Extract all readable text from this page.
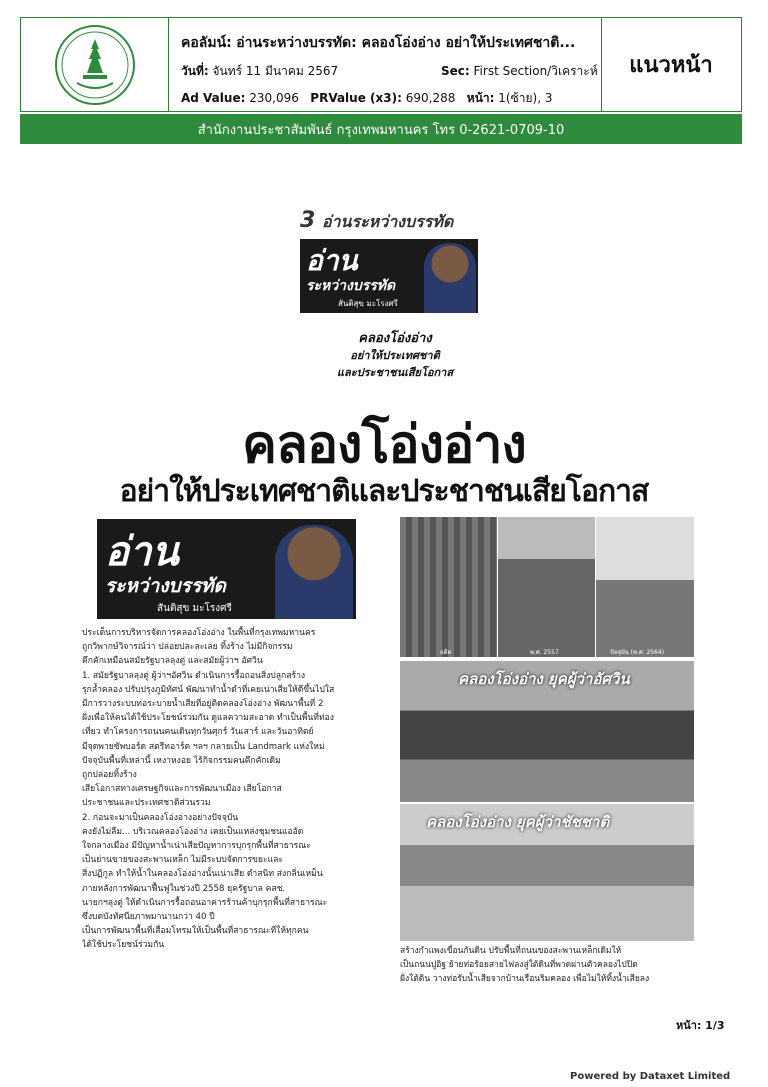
คอลัมน์: อ่านระหว่างบรรทัด: คลองโอ่งอ่าง อย่าให้ประเทศชาติ...
วันที่: จันทร์ 11 มีนาคม 2567	Sec: First Section/วิเคราะห์
Ad Value: 230,096 PRValue (x3): 690,288 หน้า: 1(ซ้าย), 3
แนวหน้า
สำนักงานประชาสัมพันธ์ กรุงเทพมหานคร โทร 0-2621-0709-10
3 อ่านระหว่างบรรทัด
อ่าน
ระหว่างบรรทัด
สันติสุข มะโรงศรี
คลองโอ่งอ่าง
อย่าให้ประเทศชาติ
และประชาชนเสียโอกาส
คลองโอ่งอ่าง
อย่าให้ประเทศชาติและประชาชนเสียโอกาส
อ่าน
ระหว่างบรรทัด
สันติสุข มะโรงศรี

ประเด็นการบริหารจัดการคลองโอ่งอ่าง ในพื้นที่กรุงเทพมหานคร

ถูกวิพากษ์วิจารณ์ว่า ปล่อยปละละเลย ทิ้งร้าง ไม่มีกิจกรรม

คึกคักเหมือนสมัยรัฐบาลลุงตู่ และสมัยผู้ว่าฯ อัศวิน

1. สมัยรัฐบาลลุงตู่ ผู้ว่าฯอัศวิน ดำเนินการรื้อถอนสิ่งปลูกสร้าง

รุกล้ำคลอง ปรับปรุงภูมิทัศน์ พัฒนาทำน้ำดำที่เคยเน่าเสียให้ดีขึ้นไปใส

มีการวางระบบท่อระบายน้ำเสียที่อยู่ติดคลองโอ่งอ่าง พัฒนาพื้นที่ 2

ฝั่งเพื่อให้คนได้ใช้ประโยชน์ร่วมกัน ดูแลความสะอาด ทำเป็นพื้นที่ท่อง

เที่ยว ทำโครงการถนนคนเดินทุกวันศุกร์ วันเสาร์ และวันอาทิตย์

มีจุดพายซัพบอร์ด สตรีทอาร์ต ฯลฯ กลายเป็น Landmark แห่งใหม่

ปัจจุบันพื้นที่เหล่านี้ เหงาหงอย ไร้กิจกรรมคนคึกคักเดิม

ถูกปล่อยทิ้งร้าง

เสียโอกาสทางเศรษฐกิจและการพัฒนาเมือง เสียโอกาส

ประชาชนและประเทศชาติส่วนรวม

2. ก่อนจะมาเป็นคลองโอ่งอ่างอย่างปัจจุบัน

คงยังไม่ลืม... บริเวณคลองโอ่งอ่าง เคยเป็นแหล่งชุมชนแออัด

ใจกลางเมือง มีปัญหาน้ำเน่าเสียปัญหาการบุกรุกพื้นที่สาธารณะ

เป็นย่านขายของสะพานเหล็ก ไม่มีระบบจัดการขยะและ

สิ่งปฏิกูล ทำให้น้ำในคลองโอ่งอ่างนั้นเน่าเสีย ดำสนิท ส่งกลิ่นเหม็น

ภายหลังการพัฒนาฟื้นฟูในช่วงปี 2558 ยุครัฐบาล คสช.

นายกฯลุงตู่ ให้ดำเนินการรื้อถอนอาคารร้านค้าบุกรุกพื้นที่สาธารณะ

ซึ่งบดบังทัศนียภาพมานานกว่า 40 ปี

เป็นการพัฒนาพื้นที่เสื่อมโทรมให้เป็นพื้นที่สาธารณะที่ให้ทุกคน

ได้ใช้ประโยชน์ร่วมกัน

อดีต	พ.ศ. 2557	ปัจจุบัน (พ.ศ. 2564)
คลองโอ่งอ่าง ยุคผู้ว่าอัศวิน
คลองโอ่งอ่าง ยุคผู้ว่าชัชชาติ
สร้างกำแพงเขื่อนกันดิน ปรับพื้นที่ถนนของสะพานเหล็กเดิมให้
เป็นถนนปูอิฐ ย้ายท่อร้อยสายไฟลงสู่ใต้ดินที่พาดผ่านตัวคลองไปปิด
ฝั่งใต้ดิน วางท่อรับน้ำเสียจากบ้านเรือนริมคลอง เพื่อไม่ให้ทิ้งน้ำเสียลง
หน้า: 1/3
Powered by Dataxet Limited
